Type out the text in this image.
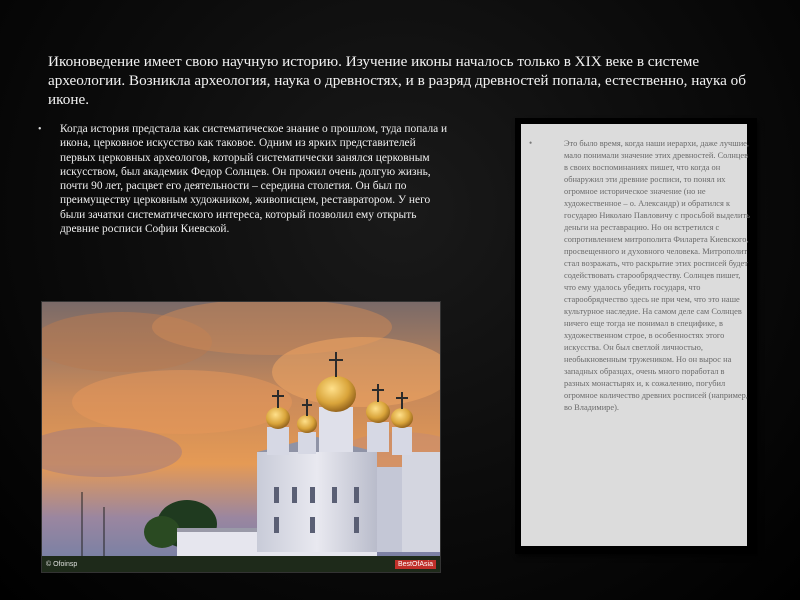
Иконоведение имеет свою научную историю. Изучение иконы началось только в XIX веке в системе археологии. Возникла археология, наука о древностях, и в разряд древностей попала, естественно, наука об иконе.
•	Когда история предстала как систематическое знание о прошлом, туда попала и икона, церковное искусство как таковое. Одним из ярких представителей первых церковных археологов, который систематически занялся церковным искусством, был академик Федор Солнцев. Он прожил очень долгую жизнь, почти 90 лет, расцвет его деятельности – середина столетия. Он был по преимуществу церковным художником, живописцем, реставратором. У него были зачатки систематического интереса, который позволил ему открыть древние росписи Софии Киевской.
© Ofoinsp	BestOfAsia
•	Это было время, когда наши иерархи, даже лучшие, мало понимали значение этих древностей. Солнцев в своих воспоминаниях пишет, что когда он обнаружил эти древние росписи, то понял их огромное историческое значение (но не художественное – о. Александр) и обратился к государю Николаю Павловичу с просьбой выделить деньги на реставрацию. Но он встретился с сопротивлением митрополита Филарета Киевского, просвещенного и духовного человека. Митрополит стал возражать, что раскрытие этих росписей будет содействовать старообрядчеству. Солнцев пишет, что ему удалось убедить государя, что старообрядчество здесь не при чем, что это наше культурное наследие. На самом деле сам Солнцев ничего еще тогда не понимал в специфике, в художественном строе, в особенностях этого искусства. Он был светлой личностью, необыкновенным тружеником. Но он вырос на западных образцах, очень много поработал в разных монастырях и, к сожалению, погубил огромное количество древних росписей (например, во Владимире).
